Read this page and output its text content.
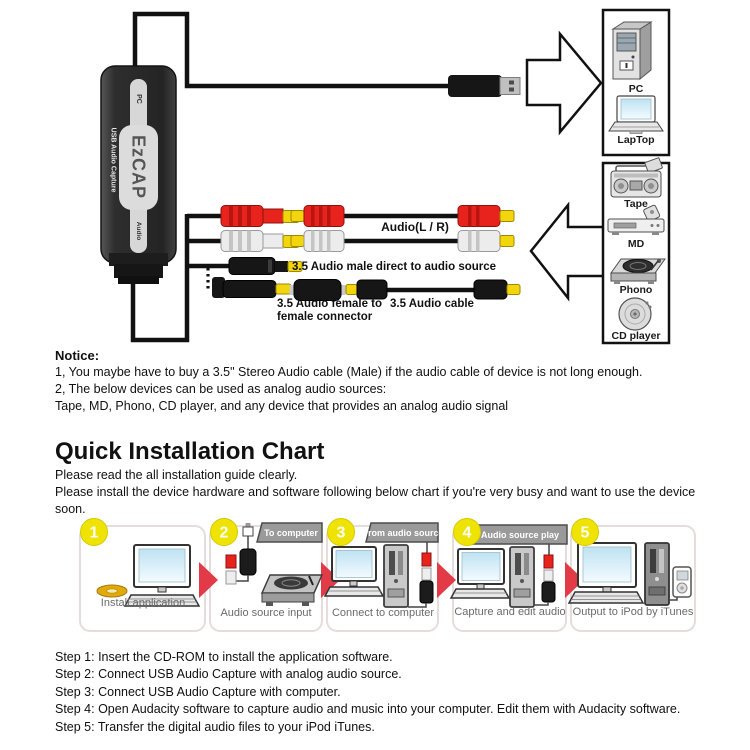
PC
EzCAP
USB Audio Capture
Audio	Audio(L / R)
3.5 Audio male direct to audio source
3.5 Audio female to
female connector
3.5 Audio cable
PC
LapTop
Tape
MD
Phono
CD player
Notice:
1, You maybe have to buy a 3.5" Stereo Audio cable (Male) if the audio cable of device is not long enough.
2, The below devices can be used as analog audio sources:
Tape, MD, Phono, CD player, and any device that provides an analog audio signal
Quick Installation Chart
Please read the all installation guide clearly.
Please install the device hardware and software following below chart if you're very busy and want to use the device
soon.
To computer	From audio source	Audio source play
1	2	3	4	5
Install application
Audio source input Connect to computer Capture and edit audio Output to iPod by iTunes
Step 1: Insert the CD-ROM to install the application software.
Step 2: Connect USB Audio Capture with analog audio source.
Step 3: Connect USB Audio Capture with computer.
Step 4: Open Audacity software to capture audio and music into your computer. Edit them with Audacity software.
Step 5: Transfer the digital audio files to your iPod iTunes.
